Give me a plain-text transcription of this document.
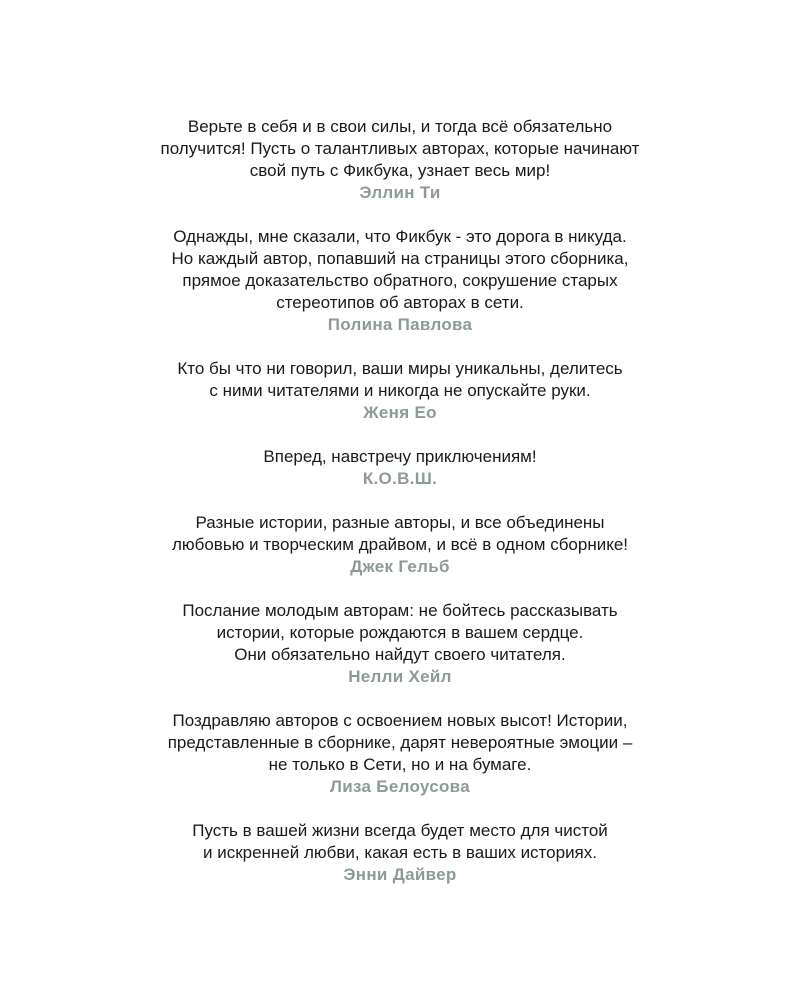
Верьте в себя и в свои силы, и тогда всё обязательно
получится! Пусть о талантливых авторах, которые начинают
свой путь с Фикбука, узнает весь мир!
Эллин Ти
Однажды, мне сказали, что Фикбук - это дорога в никуда.
Но каждый автор, попавший на страницы этого сборника,
прямое доказательство обратного, сокрушение старых
стереотипов об авторах в сети.
Полина Павлова
Кто бы что ни говорил, ваши миры уникальны, делитесь
с ними читателями и никогда не опускайте руки.
Женя Ео
Вперед, навстречу приключениям!
К.О.В.Ш.
Разные истории, разные авторы, и все объединены
любовью и творческим драйвом, и всё в одном сборнике!
Джек Гельб
Послание молодым авторам: не бойтесь рассказывать
истории, которые рождаются в вашем сердце.
Они обязательно найдут своего читателя.
Нелли Хейл
Поздравляю авторов с освоением новых высот! Истории,
представленные в сборнике, дарят невероятные эмоции –
не только в Сети, но и на бумаге.
Лиза Белоусова
Пусть в вашей жизни всегда будет место для чистой
и искренней любви, какая есть в ваших историях.
Энни Дайвер
